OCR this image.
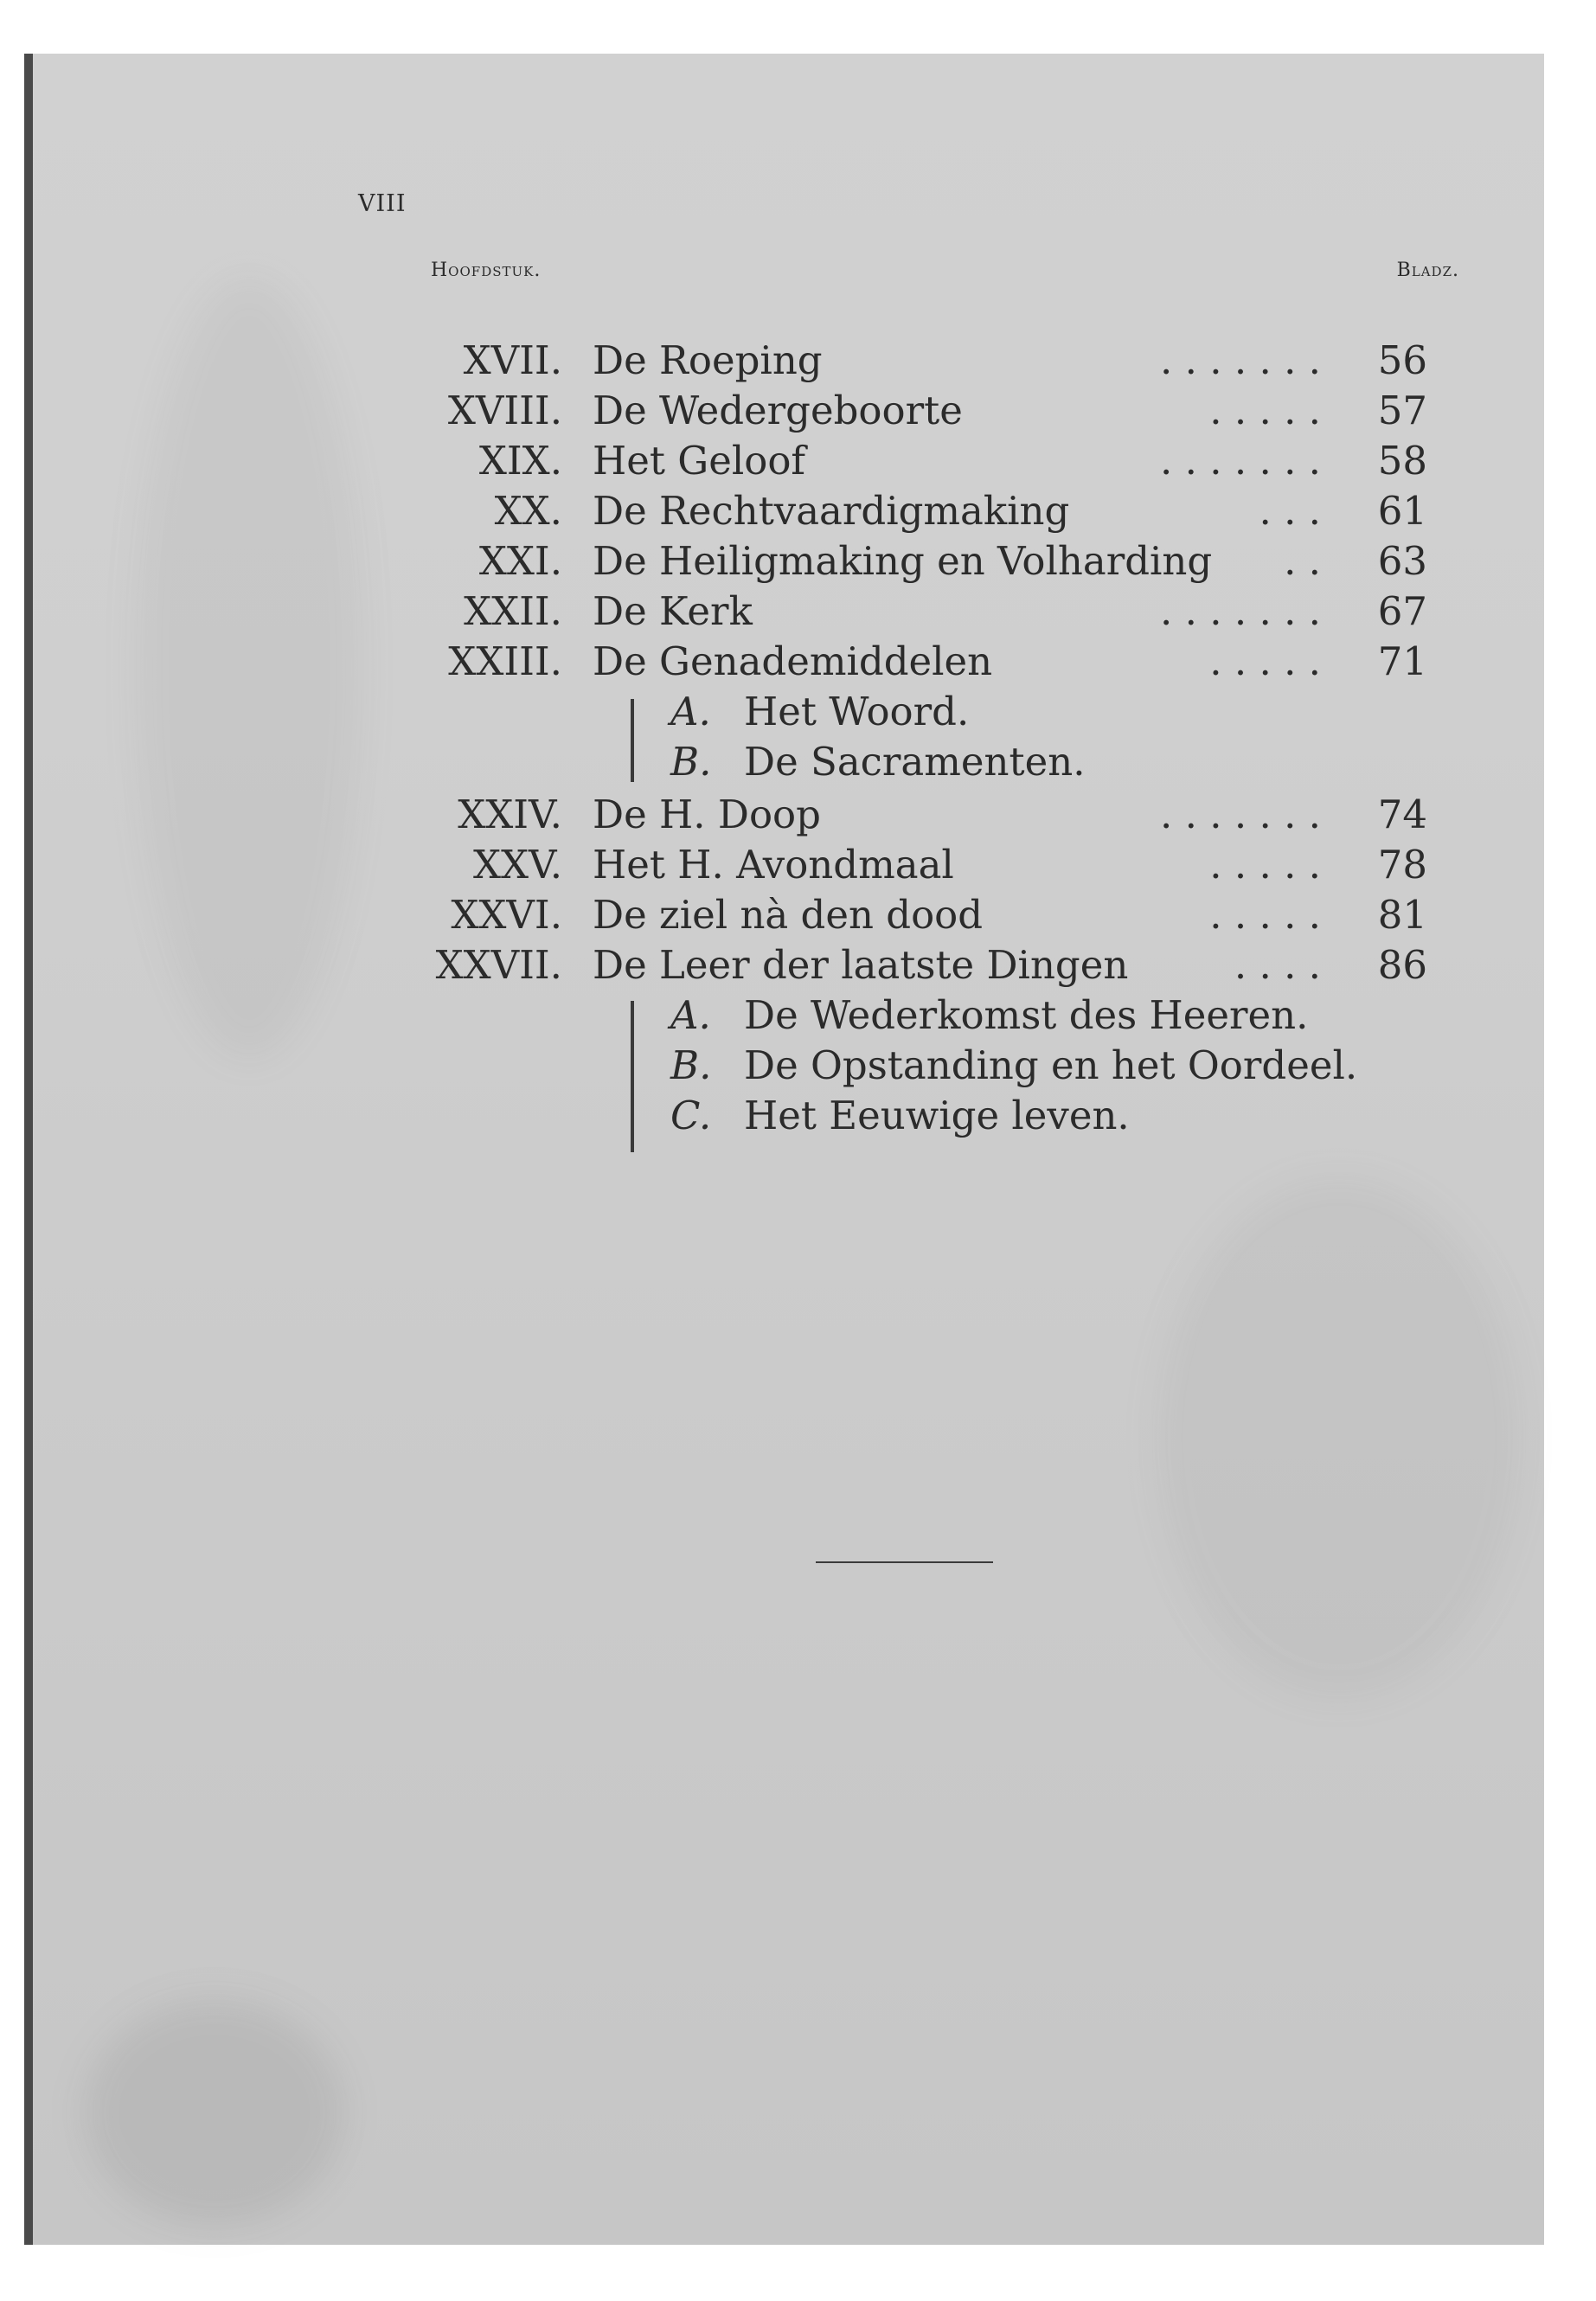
VIII
Hoofdstuk.	Bladz.
XVII. De Roeping	. . . . . . . 56
XVIII. De Wedergeboorte	. . . . . 57
XIX. Het Geloof	. . . . . . . 58
XX. De Rechtvaardigmaking	. . . 61
XXI. De Heiligmaking en Volharding . . 63
XXII. De Kerk	. . . . . . . 67
XXIII. De Genademiddelen	. . . . . 71
A. Het Woord.
B. De Sacramenten.
XXIV. De H. Doop	. . . . . . . 74
XXV. Het H. Avondmaal	. . . . . 78
XXVI. De ziel nà den dood	. . . . . 81
XXVII. De Leer der laatste Dingen	. . . . 86
A. De Wederkomst des Heeren.
B. De Opstanding en het Oordeel.
C. Het Eeuwige leven.
